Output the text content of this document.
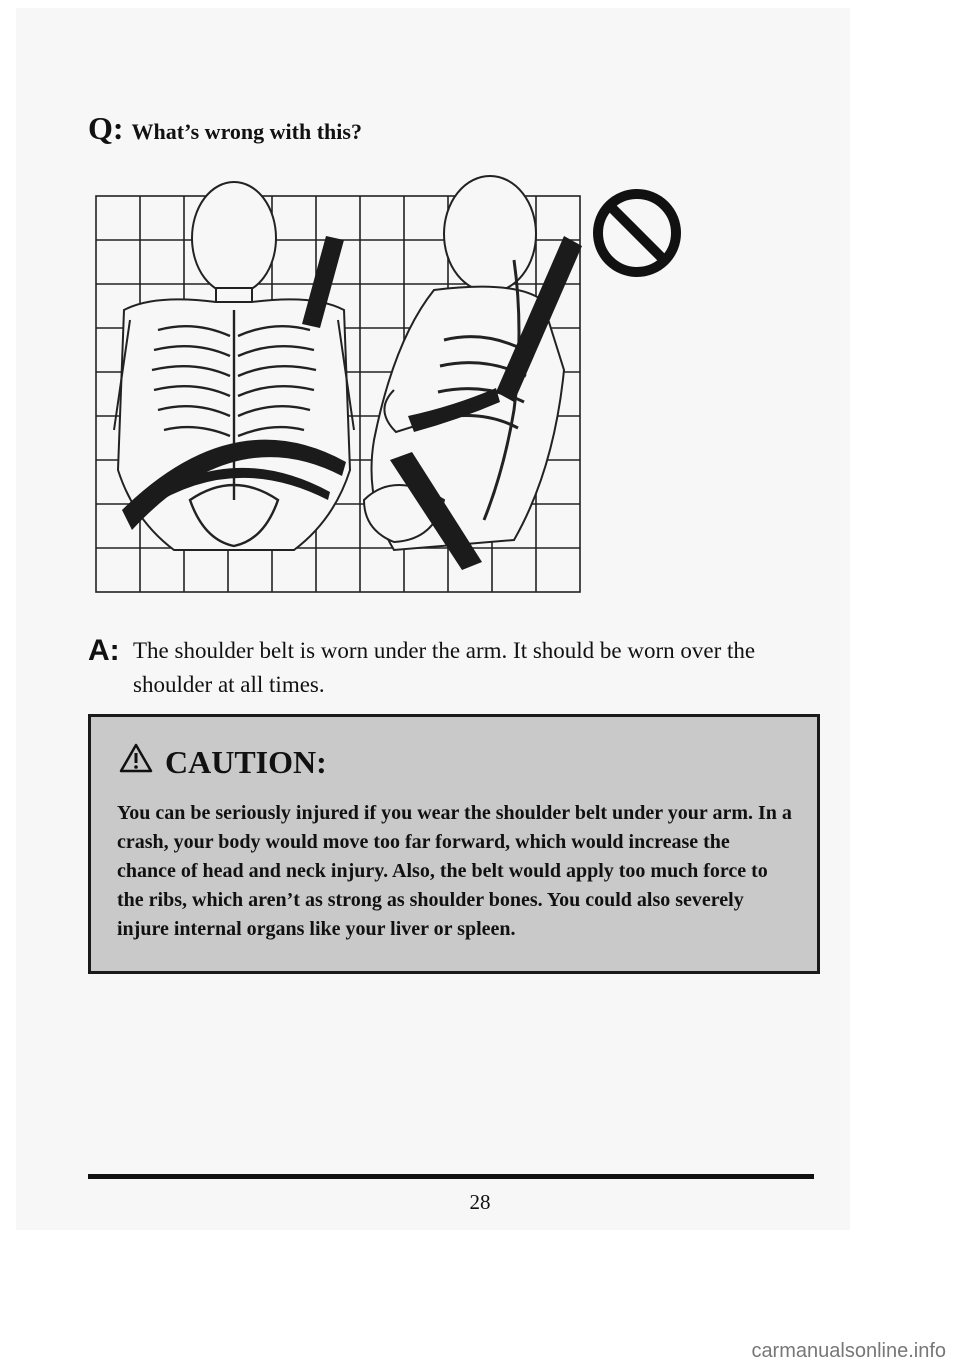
Q: What’s wrong with this?
A: The shoulder belt is worn under the arm. It should be worn over the shoulder at all times.
CAUTION:
You can be seriously injured if you wear the shoulder belt under your arm. In a crash, your body would move too far forward, which would increase the chance of head and neck injury. Also, the belt would apply too much force to the ribs, which aren’t as strong as shoulder bones. You could also severely injure internal organs like your liver or spleen.
28
carmanualsonline.info
